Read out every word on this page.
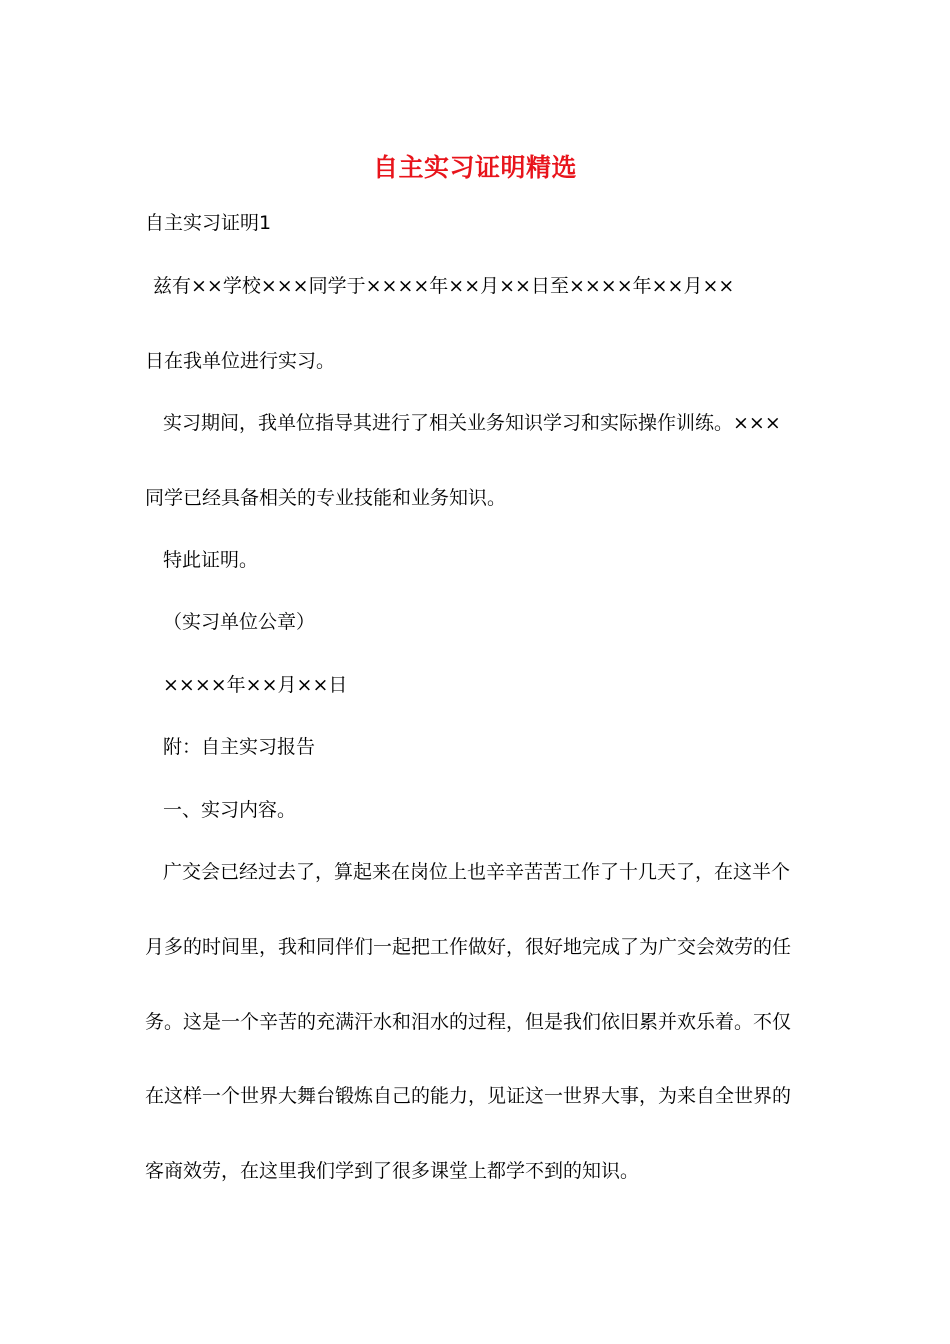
自主实习证明精选
自主实习证明1
兹有××学校×××同学于××××年××月××日至××××年××月××
日在我单位进行实习。
实习期间，我单位指导其进行了相关业务知识学习和实际操作训练。×××
同学已经具备相关的专业技能和业务知识。
特此证明。
（实习单位公章）
××××年××月××日
附：自主实习报告
一、实习内容。
广交会已经过去了，算起来在岗位上也辛辛苦苦工作了十几天了，在这半个
月多的时间里，我和同伴们一起把工作做好，很好地完成了为广交会效劳的任
务。这是一个辛苦的充满汗水和泪水的过程，但是我们依旧累并欢乐着。不仅
在这样一个世界大舞台锻炼自己的能力，见证这一世界大事，为来自全世界的
客商效劳，在这里我们学到了很多课堂上都学不到的知识。
